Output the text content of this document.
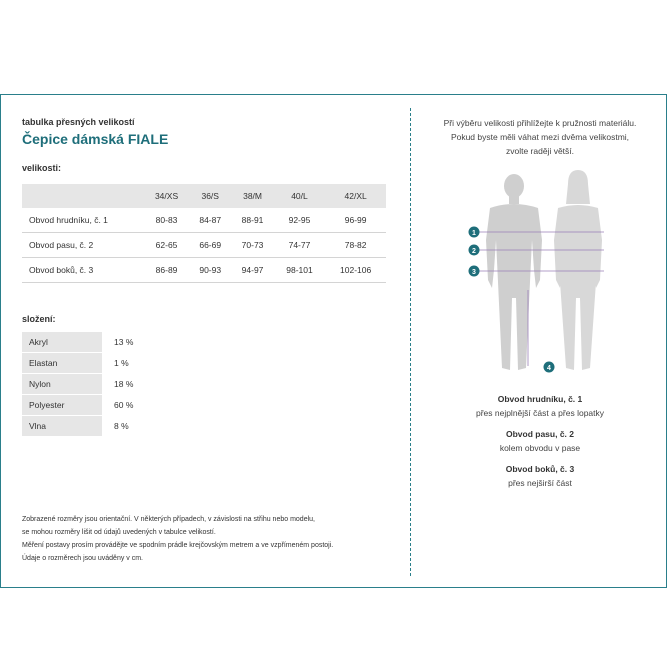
tabulka přesných velikostí
Čepice dámská FIALE
velikosti:
	34/XS	36/S	38/M	40/L	42/XL
Obvod hrudníku, č. 1	80-83	84-87	88-91	92-95	96-99
Obvod pasu, č. 2	62-65	66-69	70-73	74-77	78-82
Obvod boků, č. 3	86-89	90-93	94-97	98-101	102-106
složení:
Akryl	13 %
Elastan	1 %
Nylon	18 %
Polyester	60 %
Vlna	8 %
Zobrazené rozměry jsou orientační. V některých případech, v závislosti na střihu nebo modelu,
se mohou rozměry lišit od údajů uvedených v tabulce velikostí.
Měření postavy prosím provádějte ve spodním prádle krejčovským metrem a ve vzpřímeném postoji.
Údaje o rozměrech jsou uváděny v cm.
Při výběru velikosti přihlížejte k pružnosti materiálu.
Pokud byste měli váhat mezi dvěma velikostmi,
zvolte raději větší.
1
2
3
4
Obvod hrudníku, č. 1
přes nejplnější část a přes lopatky
Obvod pasu, č. 2
kolem obvodu v pase
Obvod boků, č. 3
přes nejširší část
